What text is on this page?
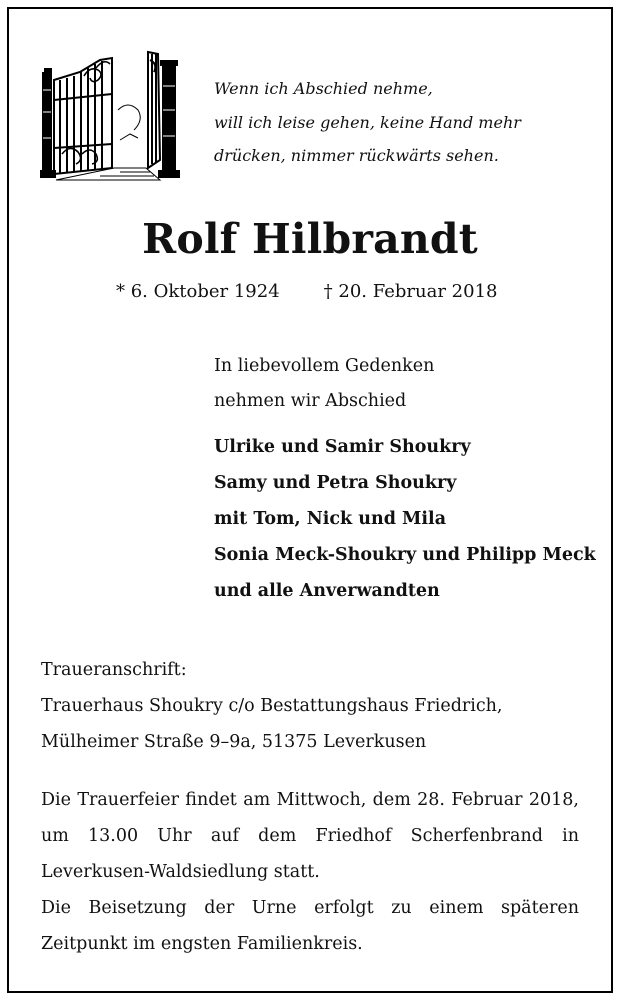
Wenn ich Abschied nehme,
will ich leise gehen, keine Hand mehr
drücken, nimmer rückwärts sehen.
Rolf Hilbrandt
* 6. Oktober 1924 † 20. Februar 2018
In liebevollem Gedenken
nehmen wir Abschied
Ulrike und Samir Shoukry
Samy und Petra Shoukry
mit Tom, Nick und Mila
Sonia Meck-Shoukry und Philipp Meck
und alle Anverwandten
Traueranschrift:
Trauerhaus Shoukry c/o Bestattungshaus Friedrich,
Mülheimer Straße 9–9a, 51375 Leverkusen
Die Trauerfeier findet am Mittwoch, dem 28. Februar 2018, um 13.00 Uhr auf dem Friedhof Scherfenbrand in Leverkusen-Waldsiedlung statt.
Die Beisetzung der Urne erfolgt zu einem späteren Zeitpunkt im engsten Familienkreis.
